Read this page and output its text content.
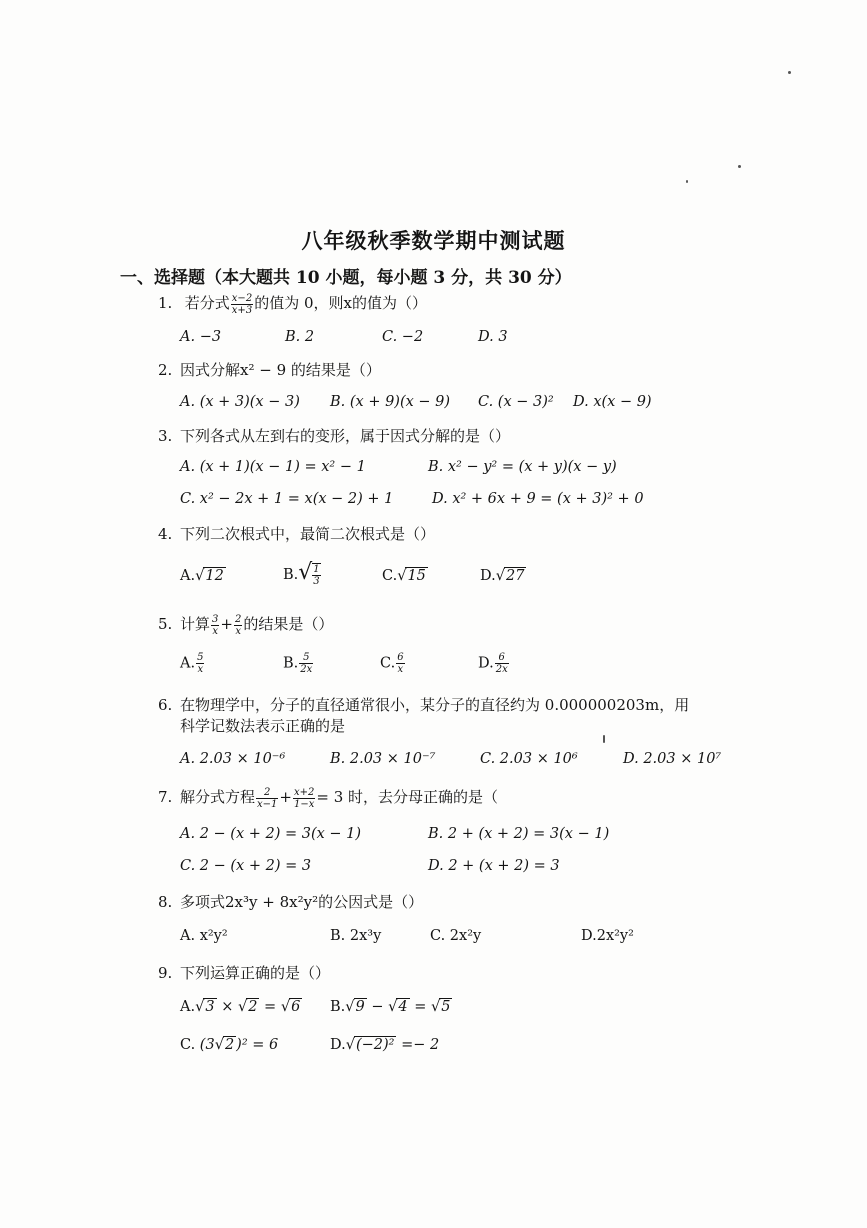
八年级秋季数学期中测试题
一、选择题（本大题共 10 小题，每小题 3 分，共 30 分）
1. 若分式 $\frac{x-2}{x+3}$ 的值为 0，则x的值为（）
A. −3	B. 2	C. −2	D. 3
2. 因式分解x² − 9 的结果是（）
A. (x + 3)(x − 3) B. (x + 9)(x − 9) C. (x − 3)² D. x(x − 9)
3. 下列各式从左到右的变形，属于因式分解的是（）
A. (x + 1)(x − 1) = x² − 1	B. x² − y² = (x + y)(x − y)
C. x² − 2x + 1 = x(x − 2) + 1	D. x² + 6x + 9 = (x + 3)² + 0
4. 下列二次根式中，最简二次根式是（）
A.√12	$B.√ \frac{1}{3}$	C.√15	D.√27
5. 计算 $\frac{3}{x} + \frac{2}{x}$ 的结果是（）
A. $\frac{5}{x}$	B. $\frac{5}{2x}$	C. $\frac{6}{x}$	D. $\frac{6}{2x}$
6. 在物理学中，分子的直径通常很小，某分子的直径约为 0.000000203m，用
科学记数法表示正确的是
A. 2.03 × 10⁻⁶	B. 2.03 × 10⁻⁷	C. 2.03 × 10⁶	D. 2.03 × 10⁷
7. 解分式方程 $\frac{2}{x-1} + \frac{x+2}{1-x} = 3$ 时，去分母正确的是（
A. 2 − (x + 2) = 3(x − 1)	B. 2 + (x + 2) = 3(x − 1)
C. 2 − (x + 2) = 3	D. 2 + (x + 2) = 3
8. 多项式2x³y + 8x²y²的公因式是（）
A. x²y²	B. 2x³y	C. 2x²y	D.2x²y²
9. 下列运算正确的是（）
A.√3 × √2 = √6 B.√9 − √4 = √5
C. (3√2 )² = 6	D.√(−2)² =− 2
